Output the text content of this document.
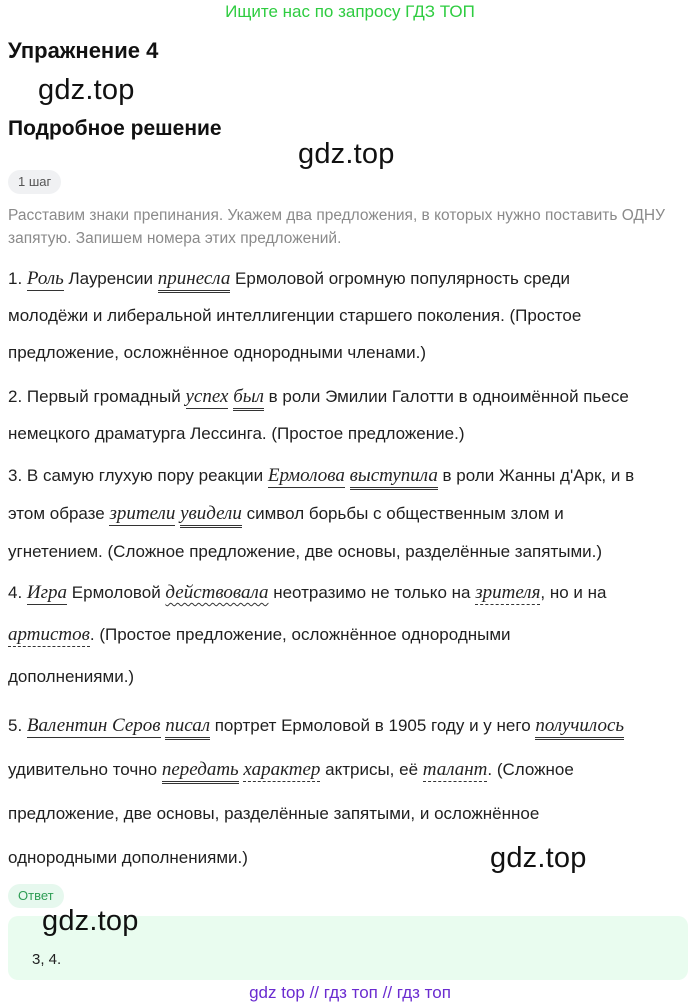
Ищите нас по запросу ГДЗ ТОП
Упражнение 4
gdz.top
Подробное решение
gdz.top
1 шаг
Расставим знаки препинания. Укажем два предложения, в которых нужно поставить ОДНУ запятую. Запишем номера этих предложений.

1. Роль Лауренсии принесла Ермоловой огромную популярность среди

молодёжи и либеральной интеллигенции старшего поколения. (Простое

предложение, осложнённое однородными членами.)

2. Первый громадный успех был в роли Эмилии Галотти в одноимённой пьесе

немецкого драматурга Лессинга. (Простое предложение.)

3. В самую глухую пору реакции Ермолова выступила в роли Жанны д'Арк, и в

этом образе зрители увидели символ борьбы с общественным злом и

угнетением. (Сложное предложение, две основы, разделённые запятыми.)

4. Игра Ермоловой действовала неотразимо не только на зрителя, но и на

артистов. (Простое предложение, осложнённое однородными

дополнениями.)

5. Валентин Серов писал портрет Ермоловой в 1905 году и у него получилось

удивительно точно передать характер актрисы, её талант. (Сложное

предложение, две основы, разделённые запятыми, и осложнённое

однородными дополнениями.)	gdz.top
Ответ
3, 4.
gdz.top
gdz top // гдз топ // гдз топ
